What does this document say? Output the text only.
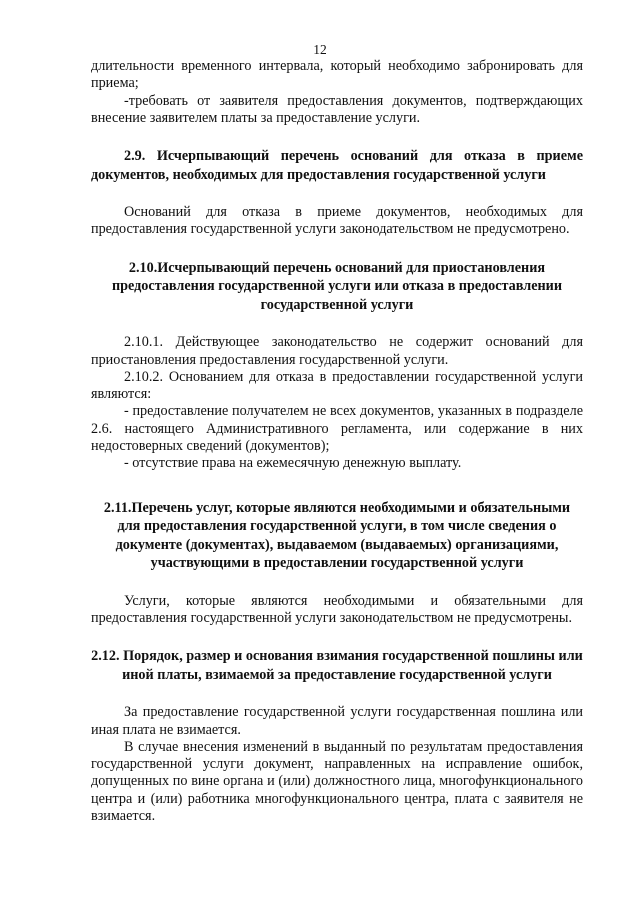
12

длительности временного интервала, который необходимо забронировать для приема;

-требовать от заявителя предоставления документов, подтверждающих внесение заявителем платы за предоставление услуги.

2.9. Исчерпывающий перечень оснований для отказа в приеме документов, необходимых для предоставления государственной услуги

Оснований для отказа в приеме документов, необходимых для предоставления государственной услуги законодательством не предусмотрено.

2.10.Исчерпывающий перечень оснований для приостановления предоставления государственной услуги или отказа в предоставлении государственной услуги

2.10.1. Действующее законодательство не содержит оснований для приостановления предоставления государственной услуги.

2.10.2. Основанием для отказа в предоставлении государственной услуги являются:

- предоставление получателем не всех документов, указанных в подразделе 2.6. настоящего Административного регламента, или содержание в них недостоверных сведений (документов);

- отсутствие права на ежемесячную денежную выплату.

2.11.Перечень услуг, которые являются необходимыми и обязательными для предоставления государственной услуги, в том числе сведения о документе (документах), выдаваемом (выдаваемых) организациями, участвующими в предоставлении государственной услуги

Услуги, которые являются необходимыми и обязательными для предоставления государственной услуги законодательством не предусмотрены.

2.12. Порядок, размер и основания взимания государственной пошлины или иной платы, взимаемой за предоставление государственной услуги

За предоставление государственной услуги государственная пошлина или иная плата не взимается.

В случае внесения изменений в выданный по результатам предоставления государственной услуги документ, направленных на исправление ошибок, допущенных по вине органа и (или) должностного лица, многофункционального центра и (или) работника многофункционального центра, плата с заявителя не взимается.
